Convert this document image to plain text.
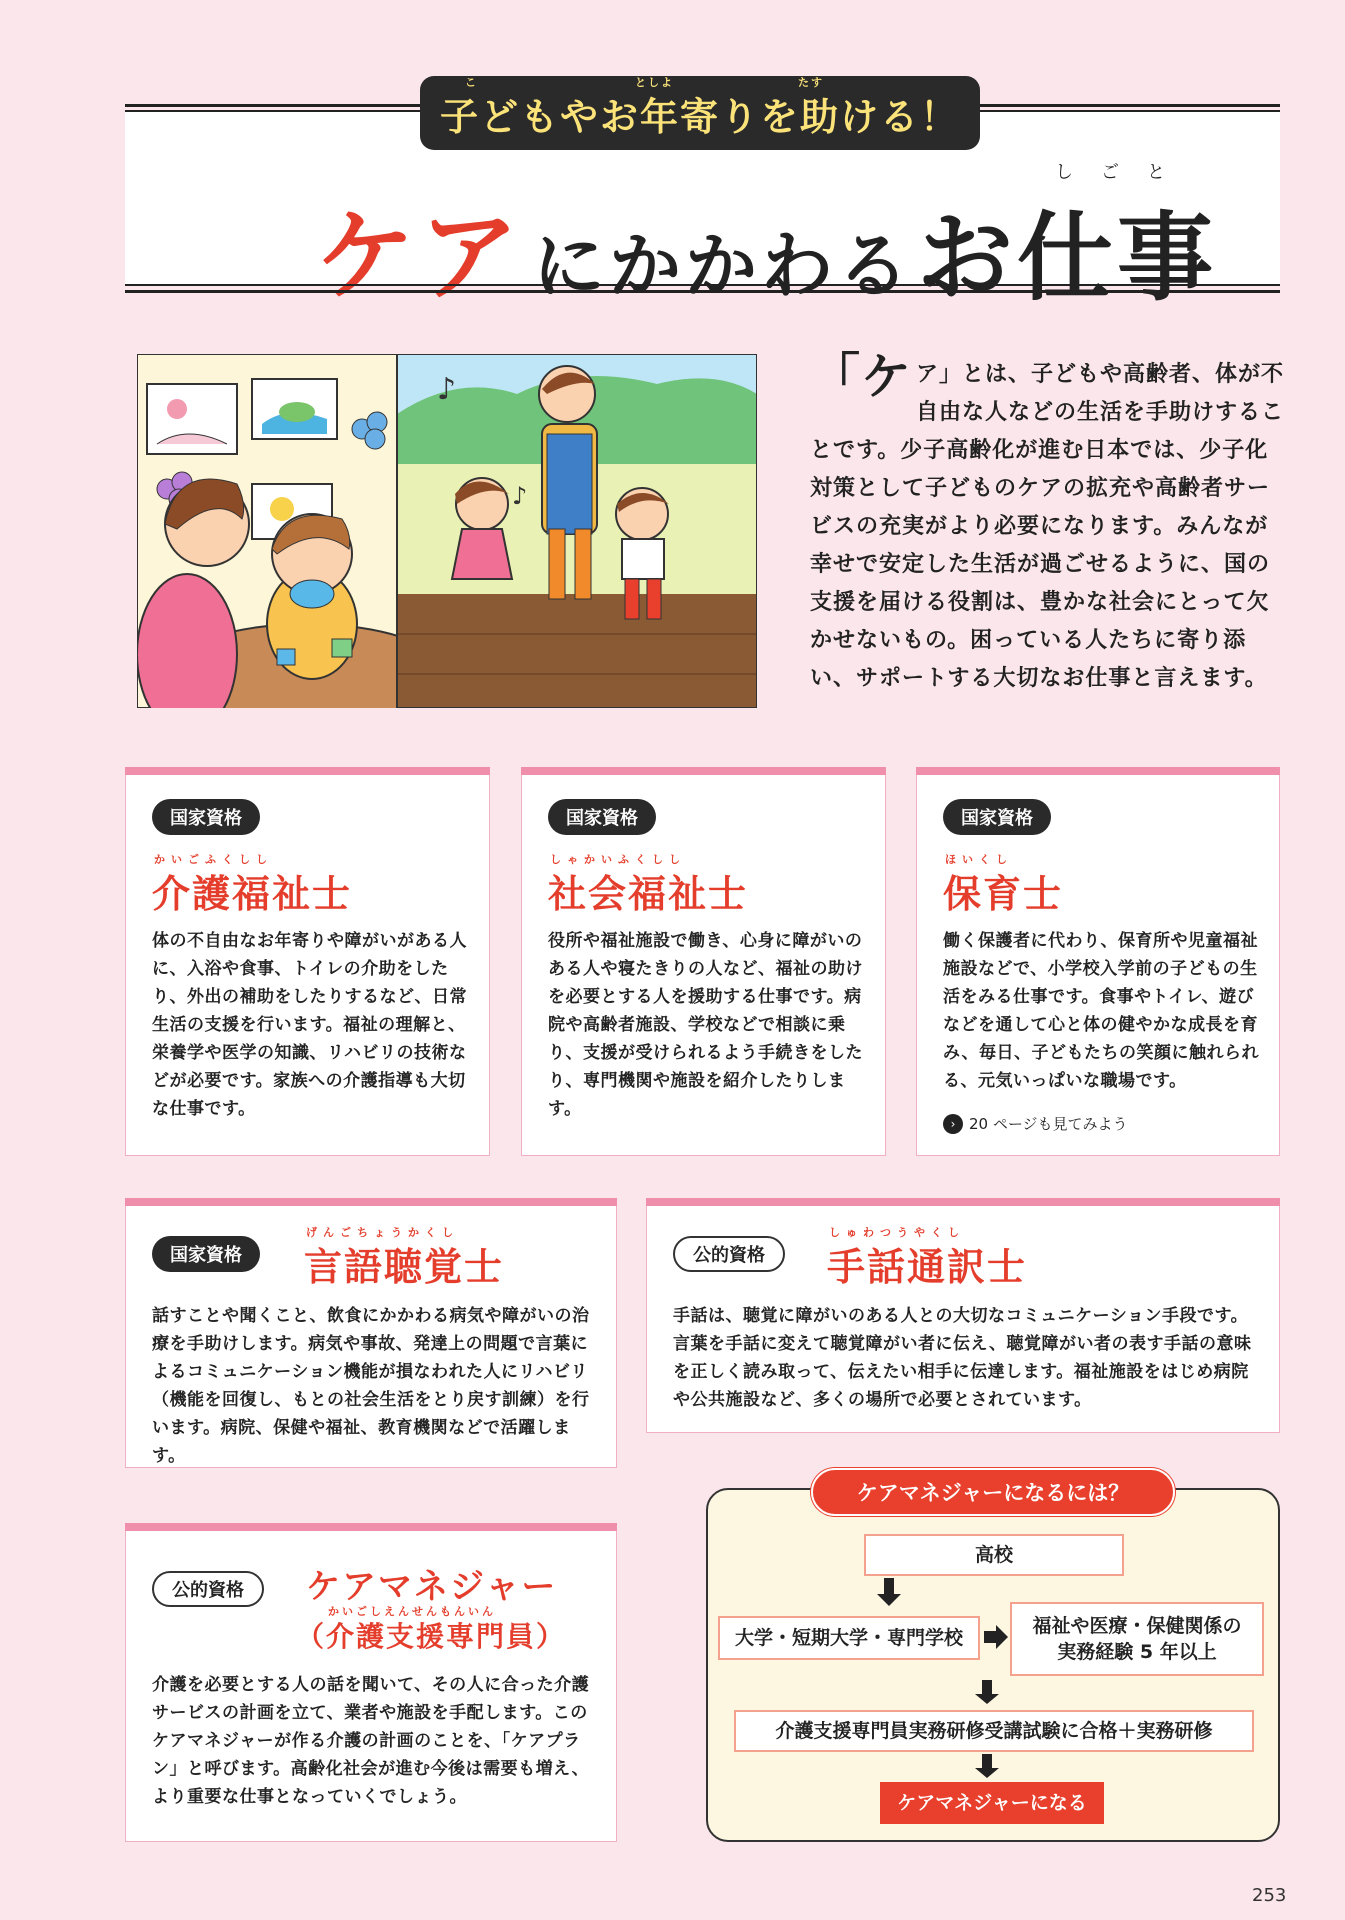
ケア にかかわる お仕事
しごと
子どもやお年寄りを助ける！
こ	としよ	たす
♪
♪
「ケ ア」とは、子どもや高齢者、体が不自由な人などの生活を手助けすることです。少子高齢化が進む日本では、少子化対策として子どものケアの拡充や高齢者サービスの充実がより必要になります。みんなが幸せで安定した生活が過ごせるように、国の支援を届ける役割は、豊かな社会にとって欠かせないもの。困っている人たちに寄り添い、サポートする大切なお仕事と言えます。
国家資格
かいごふくしし
介護福祉士
体の不自由なお年寄りや障がいがある人に、入浴や食事、トイレの介助をしたり、外出の補助をしたりするなど、日常生活の支援を行います。福祉の理解と、栄養学や医学の知識、リハビリの技術などが必要です。家族への介護指導も大切な仕事です。
国家資格
しゃかいふくしし
社会福祉士
役所や福祉施設で働き、心身に障がいのある人や寝たきりの人など、福祉の助けを必要とする人を援助する仕事です。病院や高齢者施設、学校などで相談に乗り、支援が受けられるよう手続きをしたり、専門機関や施設を紹介したりします。
国家資格
ほいくし
保育士
働く保護者に代わり、保育所や児童福祉施設などで、小学校入学前の子どもの生活をみる仕事です。食事やトイレ、遊びなどを通して心と体の健やかな成長を育み、毎日、子どもたちの笑顔に触れられる、元気いっぱいな職場です。
› 20 ページも見てみよう
国家資格
げんごちょうかくし
言語聴覚士
話すことや聞くこと、飲食にかかわる病気や障がいの治療を手助けします。病気や事故、発達上の問題で言葉によるコミュニケーション機能が損なわれた人にリハビリ（機能を回復し、もとの社会生活をとり戻す訓練）を行います。病院、保健や福祉、教育機関などで活躍します。
公的資格
しゅわつうやくし
手話通訳士
手話は、聴覚に障がいのある人との大切なコミュニケーション手段です。言葉を手話に変えて聴覚障がい者に伝え、聴覚障がい者の表す手話の意味を正しく読み取って、伝えたい相手に伝達します。福祉施設をはじめ病院や公共施設など、多くの場所で必要とされています。
公的資格	ケアマネジャー
かいごしえんせんもんいん
（介護支援専門員）
介護を必要とする人の話を聞いて、その人に合った介護サービスの計画を立て、業者や施設を手配します。このケアマネジャーが作る介護の計画のことを、「ケアプラン」と呼びます。高齢化社会が進む今後は需要も増え、より重要な仕事となっていくでしょう。
ケアマネジャーになるには？
高校
大学・短期大学・専門学校
福祉や医療・保健関係の
実務経験 5 年以上
介護支援専門員実務研修受講試験に合格＋実務研修
ケアマネジャーになる
253
